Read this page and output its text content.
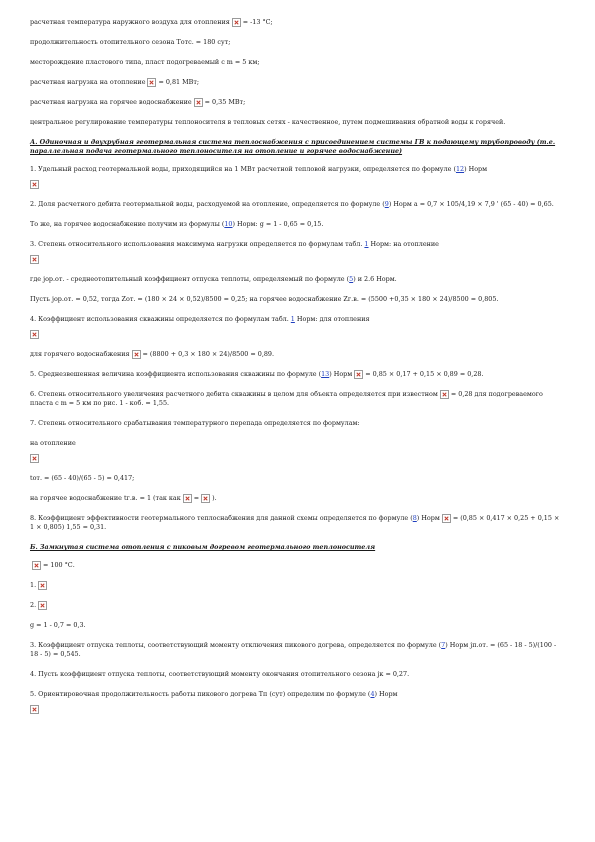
расчетная температура наружного воздуха для отопления = -13 °С;

продолжительность отопительного сезона Тотс. = 180 сут;

месторождение пластового типа, пласт подогреваемый с m = 5 км;

расчетная нагрузка на отопление = 0,81 МВт;

расчетная нагрузка на горячее водоснабжение = 0,35 МВт;

центральное регулирование температуры теплоносителя в тепловых сетях - качественное, путем подмешивания обратной воды к горячей.

А. Одиночная и двухрубная геотермальная система теплоснабжения с присоединением системы ГВ к подающему трубопроводу (т.е. параллельная подача геотермального теплоносителя на отопление и горячее водоснабжение)

1. Удельный расход геотермальной воды, приходящийся на 1 МВт расчетной тепловой нагрузки, определяется по формуле (12) Норм

2. Доля расчетного дебита геотермальной воды, расходуемой на отопление, определяется по формуле (9) Норм a = 0,7 × 105/4,19 × 7,9 ' (65 - 40) = 0,65.

То же, на горячее водоснабжение получим из формулы (10) Норм: g = 1 - 0,65 = 0,15.

3. Степень относительного использования максимума нагрузки определяется по формулам табл. 1 Норм: на отопление

где jор.от. - среднеотопительный коэффициент отпуска теплоты, определяемый по формуле (5) и 2.6 Норм.

Пусть jор.от. = 0,52, тогда Zот. = (180 × 24 × 0,52)/8500 = 0,25; на горячее водоснабжение Zг.в. = (5500 +0,35 × 180 × 24)/8500 = 0,805.

4. Коэффициент использования скважины определяется по формулам табл. 1 Норм: для отопления

для горячего водоснабжения = (8800 + 0,3 × 180 × 24)/8500 = 0,89.

5. Среднезвешенная величина коэффициента использования скважины по формуле (13) Норм = 0,85 × 0,17 + 0,15 × 0,89 = 0,28.

6. Степень относительного увеличения расчетного дебита скважины в целом для объекта определяется при известном = 0,28 для подогреваемого пласта с m = 5 км по рис. 1 - коб. = 1,55.

7. Степень относительного срабатывания температурного перепада определяется по формулам:

на отопление

tот. = (65 - 40)/(65 - 5) = 0,417;

на горячее водоснабжение tг.в. = 1 (так как = ).

8. Коэффициент эффективности геотермального теплоснабжения для данной схемы определяется по формуле (8) Норм = (0,85 × 0,417 × 0,25 + 0,15 × 1 × 0,805) 1,55 = 0,31.

Б. Замкнутая система отопления с пиковым догревом геотермального теплоносителя

= 100 °С.

1.

2.

g = 1 - 0,7 = 0,3.

3. Коэффициент отпуска теплоты, соответствующий моменту отключения пикового догрева, определяется по формуле (7) Норм jп.от. = (65 - 18 - 5)/(100 - 18 - 5) = 0,545.

4. Пусть коэффициент отпуска теплоты, соответствующий моменту окончания отопительного сезона jк = 0,27.

5. Ориентировочная продолжительность работы пикового догрева Тп (сут) определим по формуле (4) Норм
